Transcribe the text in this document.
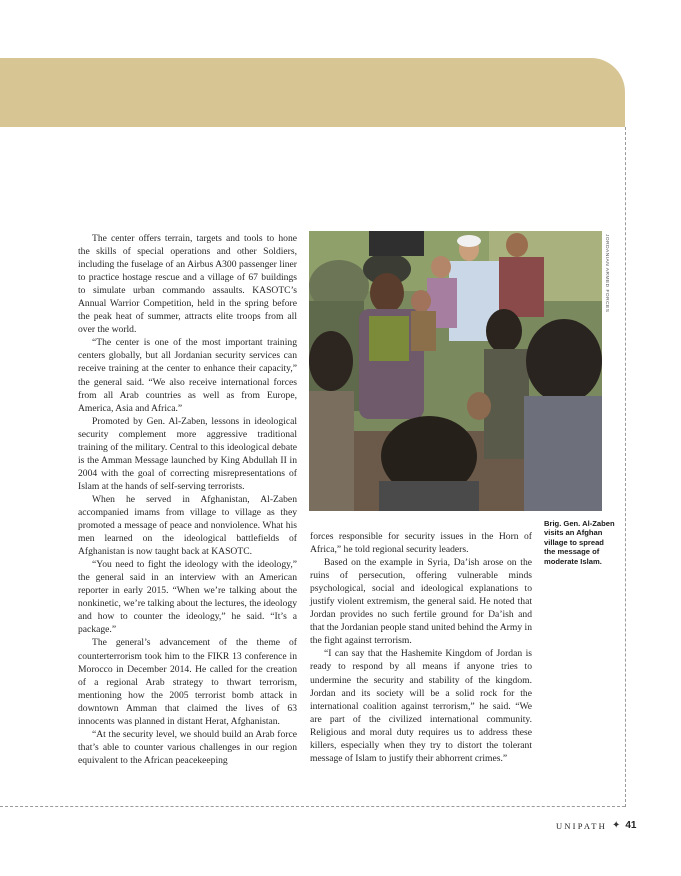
The center offers terrain, targets and tools to hone the skills of special operations and other Soldiers, including the fuselage of an Airbus A300 passenger liner to practice hostage rescue and a village of 67 buildings to simulate urban commando assaults. KASOTC’s Annual Warrior Competition, held in the spring before the peak heat of summer, attracts elite troops from all over the world.

“The center is one of the most important training centers globally, but all Jordanian security services can receive training at the center to enhance their capacity,” the general said. “We also receive international forces from all Arab countries as well as from Europe, America, Asia and Africa.”

Promoted by Gen. Al-Zaben, lessons in ideological security complement more aggressive traditional training of the military. Central to this ideological debate is the Amman Message launched by King Abdullah II in 2004 with the goal of correcting misrepresentations of Islam at the hands of self-serving terrorists.

When he served in Afghanistan, Al-Zaben accompanied imams from village to village as they promoted a message of peace and nonviolence. What his men learned on the ideological battlefields of Afghanistan is now taught back at KASOTC.

“You need to fight the ideology with the ideology,” the general said in an interview with an American reporter in early 2015. “When we’re talking about the nonkinetic, we’re talking about the lectures, the ideology and how to counter the ideology,” he said. “It’s a package.”

The general’s advancement of the theme of counterterrorism took him to the FIKR 13 conference in Morocco in December 2014. He called for the creation of a regional Arab strategy to thwart terrorism, mentioning how the 2005 terrorist bomb attack in downtown Amman that claimed the lives of 63 innocents was planned in distant Herat, Afghanistan.

“At the security level, we should build an Arab force that’s able to counter various challenges in our region equivalent to the African peacekeeping

JORDANIAN ARMED FORCES
Brig. Gen. Al-Zaben visits an Afghan village to spread the message of moderate Islam.

forces responsible for security issues in the Horn of Africa,” he told regional security leaders.

Based on the example in Syria, Da’ish arose on the ruins of persecution, offering vulnerable minds psychological, social and ideological explanations to justify violent extremism, the general said. He noted that Jordan provides no such fertile ground for Da’ish and that the Jordanian people stand united behind the Army in the fight against terrorism.

“I can say that the Hashemite Kingdom of Jordan is ready to respond by all means if anyone tries to undermine the security and stability of the kingdom. Jordan and its society will be a solid rock for the international coalition against terrorism,” he said. “We are part of the civilized international community. Religious and moral duty requires us to address these killers, especially when they try to distort the tolerant message of Islam to justify their abhorrent crimes.”

UNIPATH ✦ 41
